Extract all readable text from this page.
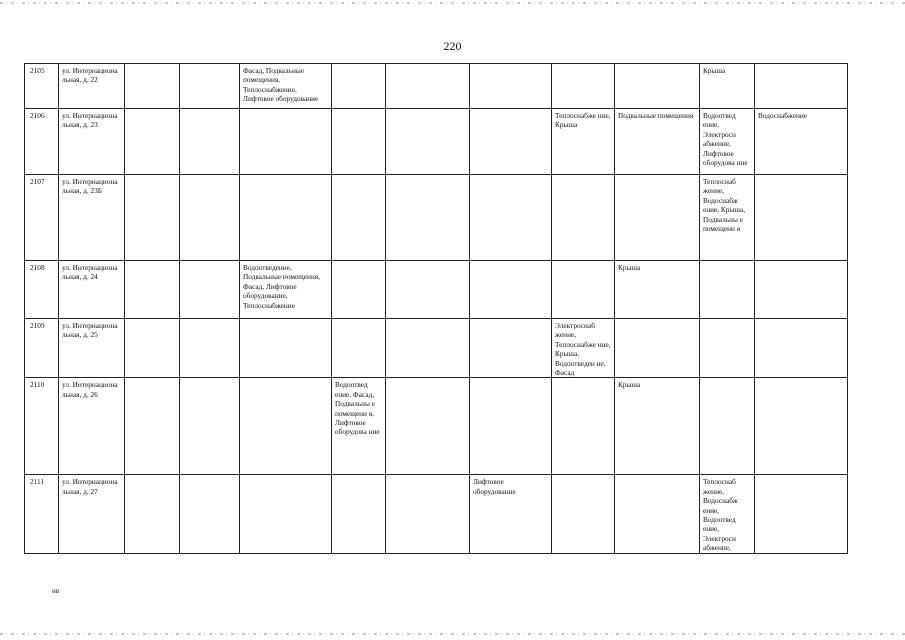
220
2105	ул. Интернациона льная, д. 22			Фасад, Подвальные помещения, Теплоснабжение, Лифтовое оборудование						Крыша	
2106	ул. Интернациона льная, д. 23							Теплоснабже ние, Крыша	Подвальные помещения	Водоотвед ение, Электросн абжение, Лифтовое оборудова ние	Водоснабжение
2107	ул. Интернациона льная, д. 23Б									Теплоснаб жение, Водоснабж ение, Крыша, Подвальны е помещени я	
2108	ул. Интернациона льная, д. 24			Водоотведение, Подвальные помещения, Фасад, Лифтовое оборудование, Теплоснабжение					Крыша		
2109	ул. Интернациона льная, д. 25							Электроснаб жение, Теплоснабже ние, Крыша, Водоотведен ие, Фасад			
2110	ул. Интернациона льная, д. 26				Водоотвед ение, Фасад, Подвальны е помещени я, Лифтовое оборудова ние				Крыша		
2111	ул. Интернациона льная, д. 27						Лифтовое оборудование			Теплоснаб жение, Водоснабж ение, Водоотвед ение, Электросн абжение,	
нв
